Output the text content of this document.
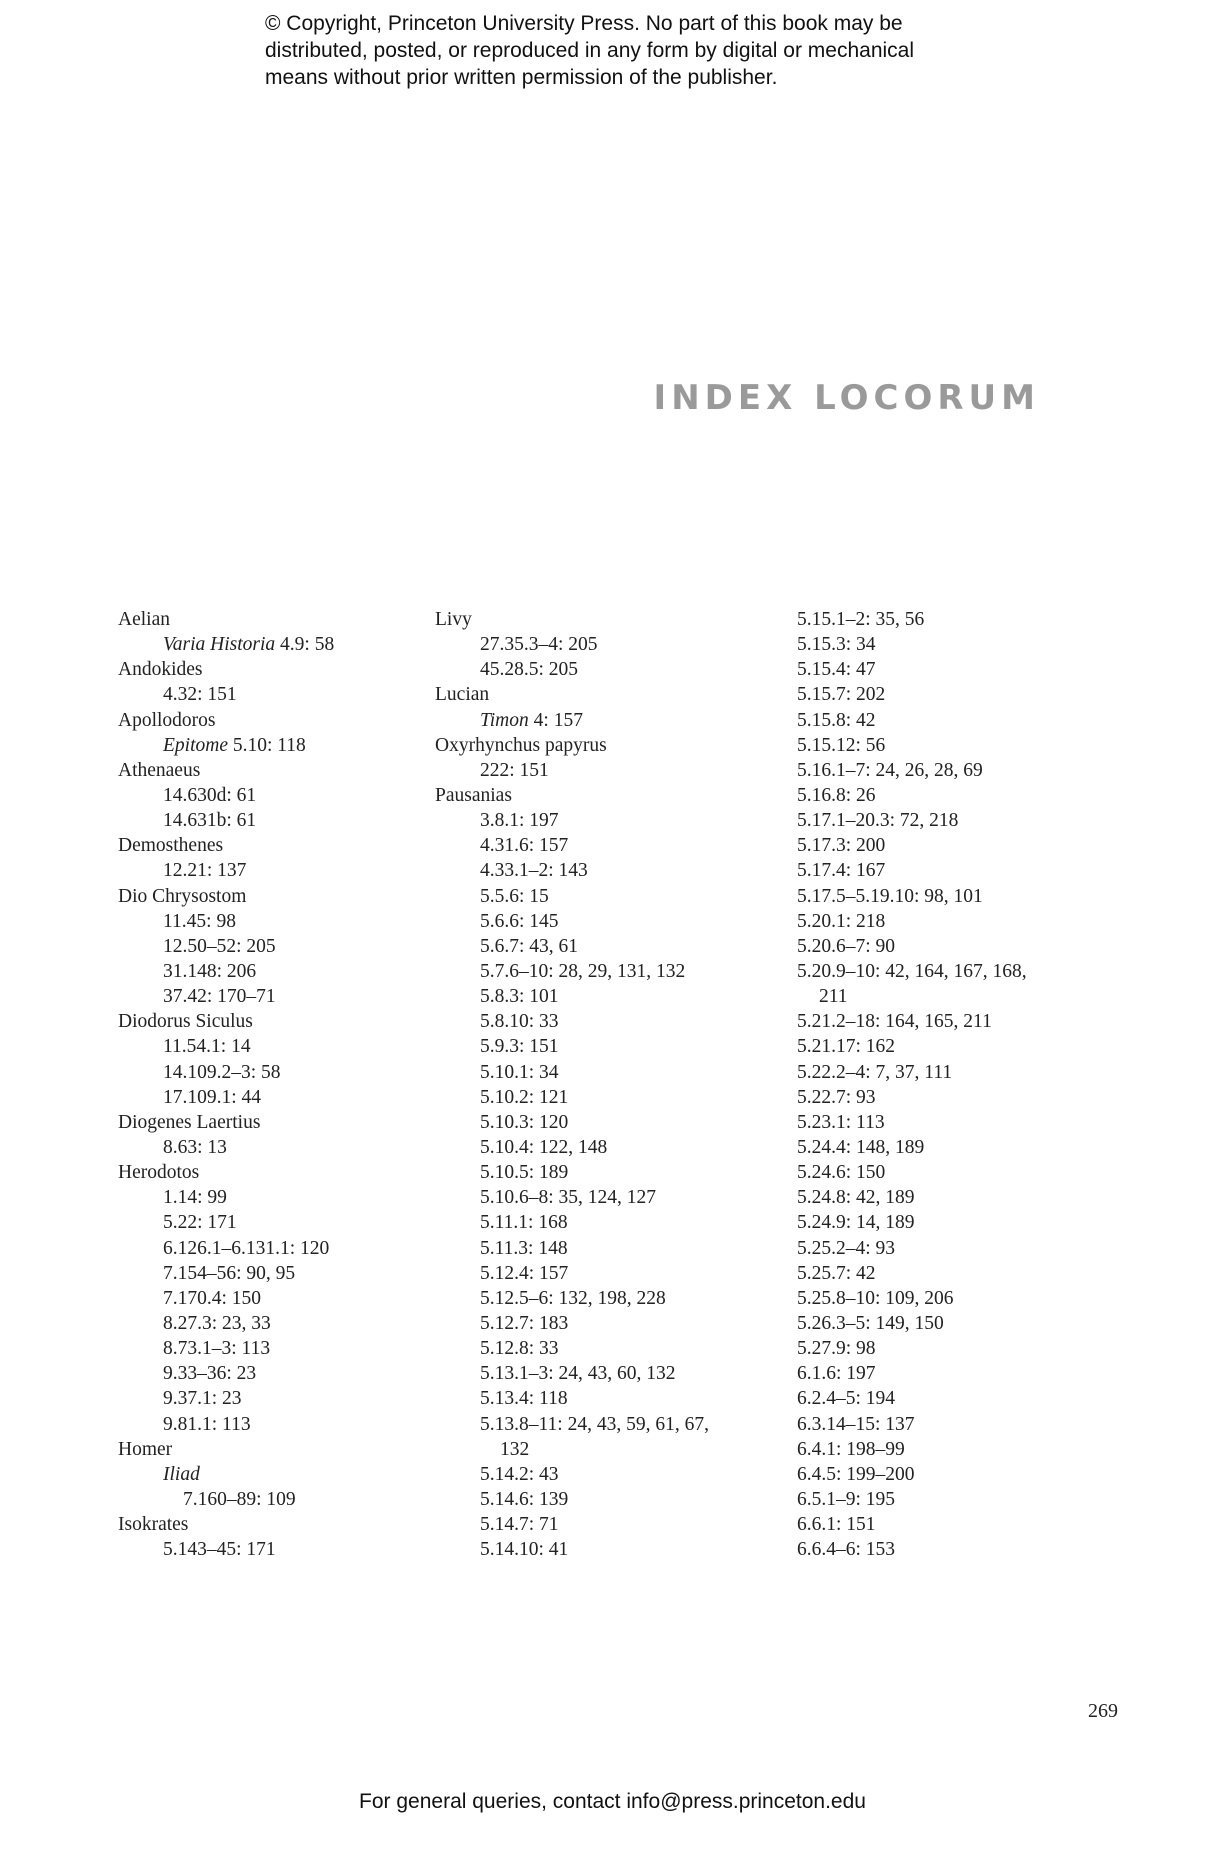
© Copyright, Princeton University Press. No part of this book may be
distributed, posted, or reproduced in any form by digital or mechanical
means without prior written permission of the publisher.
INDEX LOCORUM
Aelian
Varia Historia 4.9: 58
Andokides
4.32: 151
Apollodoros
Epitome 5.10: 118
Athenaeus
14.630d: 61
14.631b: 61
Demosthenes
12.21: 137
Dio Chrysostom
11.45: 98
12.50–52: 205
31.148: 206
37.42: 170–71
Diodorus Siculus
11.54.1: 14
14.109.2–3: 58
17.109.1: 44
Diogenes Laertius
8.63: 13
Herodotos
1.14: 99
5.22: 171
6.126.1–6.131.1: 120
7.154–56: 90, 95
7.170.4: 150
8.27.3: 23, 33
8.73.1–3: 113
9.33–36: 23
9.37.1: 23
9.81.1: 113
Homer
Iliad
7.160–89: 109
Isokrates
5.143–45: 171
Livy
27.35.3–4: 205
45.28.5: 205
Lucian
Timon 4: 157
Oxyrhynchus papyrus
222: 151
Pausanias
3.8.1: 197
4.31.6: 157
4.33.1–2: 143
5.5.6: 15
5.6.6: 145
5.6.7: 43, 61
5.7.6–10: 28, 29, 131, 132
5.8.3: 101
5.8.10: 33
5.9.3: 151
5.10.1: 34
5.10.2: 121
5.10.3: 120
5.10.4: 122, 148
5.10.5: 189
5.10.6–8: 35, 124, 127
5.11.1: 168
5.11.3: 148
5.12.4: 157
5.12.5–6: 132, 198, 228
5.12.7: 183
5.12.8: 33
5.13.1–3: 24, 43, 60, 132
5.13.4: 118
5.13.8–11: 24, 43, 59, 61, 67,
132
5.14.2: 43
5.14.6: 139
5.14.7: 71
5.14.10: 41
5.15.1–2: 35, 56
5.15.3: 34
5.15.4: 47
5.15.7: 202
5.15.8: 42
5.15.12: 56
5.16.1–7: 24, 26, 28, 69
5.16.8: 26
5.17.1–20.3: 72, 218
5.17.3: 200
5.17.4: 167
5.17.5–5.19.10: 98, 101
5.20.1: 218
5.20.6–7: 90
5.20.9–10: 42, 164, 167, 168,
211
5.21.2–18: 164, 165, 211
5.21.17: 162
5.22.2–4: 7, 37, 111
5.22.7: 93
5.23.1: 113
5.24.4: 148, 189
5.24.6: 150
5.24.8: 42, 189
5.24.9: 14, 189
5.25.2–4: 93
5.25.7: 42
5.25.8–10: 109, 206
5.26.3–5: 149, 150
5.27.9: 98
6.1.6: 197
6.2.4–5: 194
6.3.14–15: 137
6.4.1: 198–99
6.4.5: 199–200
6.5.1–9: 195
6.6.1: 151
6.6.4–6: 153
269
For general queries, contact info@press.princeton.edu
